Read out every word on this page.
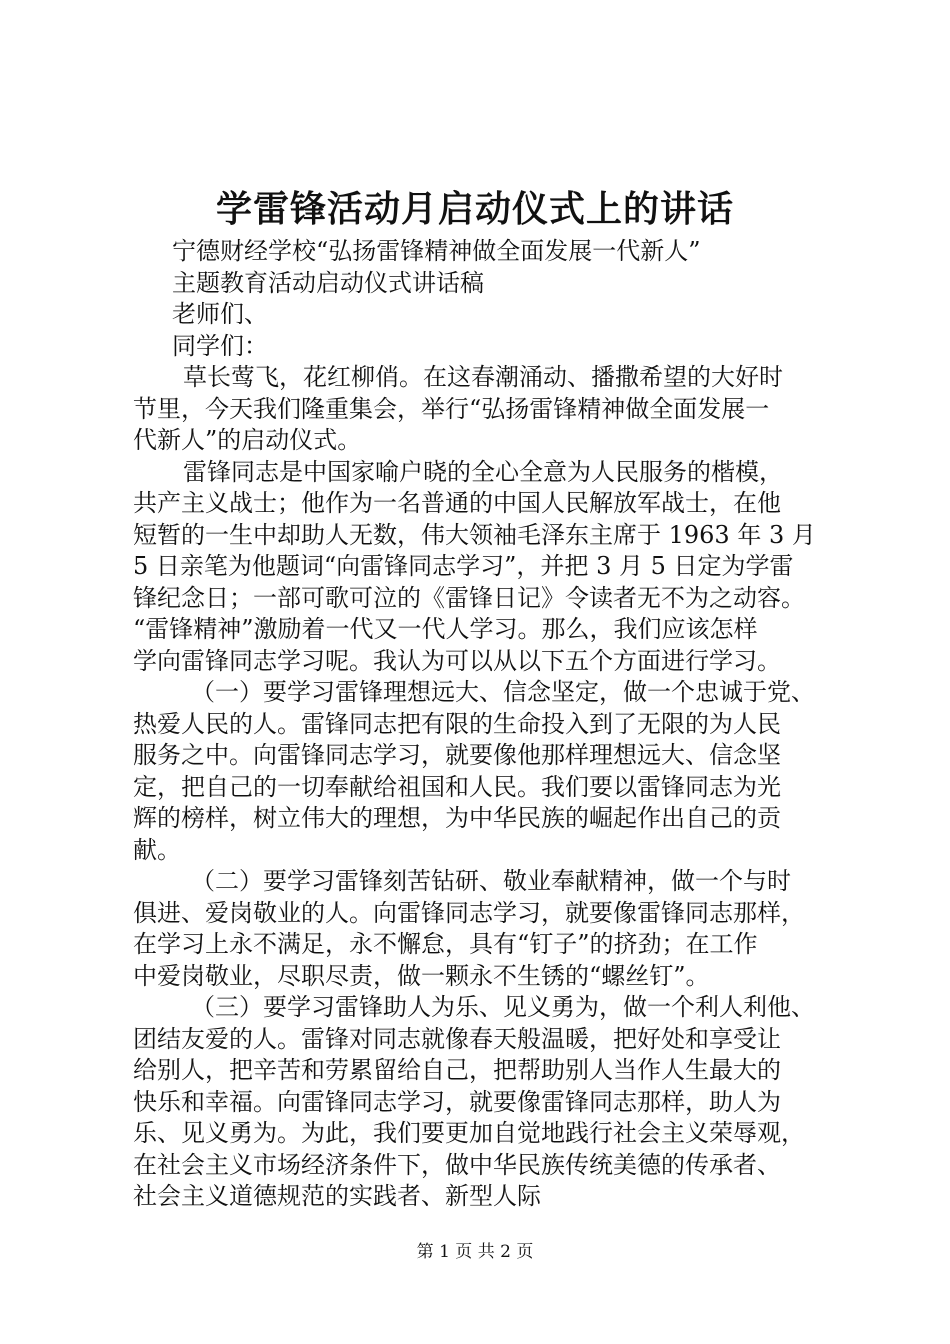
学雷锋活动月启动仪式上的讲话

宁德财经学校“弘扬雷锋精神做全面发展一代新人”

主题教育活动启动仪式讲话稿

老师们、

同学们：

草长莺飞，花红柳俏。在这春潮涌动、播撒希望的大好时

节里，今天我们隆重集会，举行“弘扬雷锋精神做全面发展一

代新人”的启动仪式。

雷锋同志是中国家喻户晓的全心全意为人民服务的楷模，

共产主义战士；他作为一名普通的中国人民解放军战士，在他

短暂的一生中却助人无数，伟大领袖毛泽东主席于 1963 年 3 月

5 日亲笔为他题词“向雷锋同志学习”，并把 3 月 5 日定为学雷

锋纪念日；一部可歌可泣的《雷锋日记》令读者无不为之动容。

“雷锋精神”激励着一代又一代人学习。那么，我们应该怎样

学向雷锋同志学习呢。我认为可以从以下五个方面进行学习。

（一）要学习雷锋理想远大、信念坚定，做一个忠诚于党、

热爱人民的人。雷锋同志把有限的生命投入到了无限的为人民

服务之中。向雷锋同志学习，就要像他那样理想远大、信念坚

定，把自己的一切奉献给祖国和人民。我们要以雷锋同志为光

辉的榜样，树立伟大的理想，为中华民族的崛起作出自己的贡

献。

（二）要学习雷锋刻苦钻研、敬业奉献精神，做一个与时

俱进、爱岗敬业的人。向雷锋同志学习，就要像雷锋同志那样，

在学习上永不满足，永不懈怠，具有“钉子”的挤劲；在工作

中爱岗敬业，尽职尽责，做一颗永不生锈的“螺丝钉”。

（三）要学习雷锋助人为乐、见义勇为，做一个利人利他、

团结友爱的人。雷锋对同志就像春天般温暖，把好处和享受让

给别人，把辛苦和劳累留给自己，把帮助别人当作人生最大的

快乐和幸福。向雷锋同志学习，就要像雷锋同志那样，助人为

乐、见义勇为。为此，我们要更加自觉地践行社会主义荣辱观，

在社会主义市场经济条件下，做中华民族传统美德的传承者、

社会主义道德规范的实践者、新型人际

第 1 页 共 2 页
